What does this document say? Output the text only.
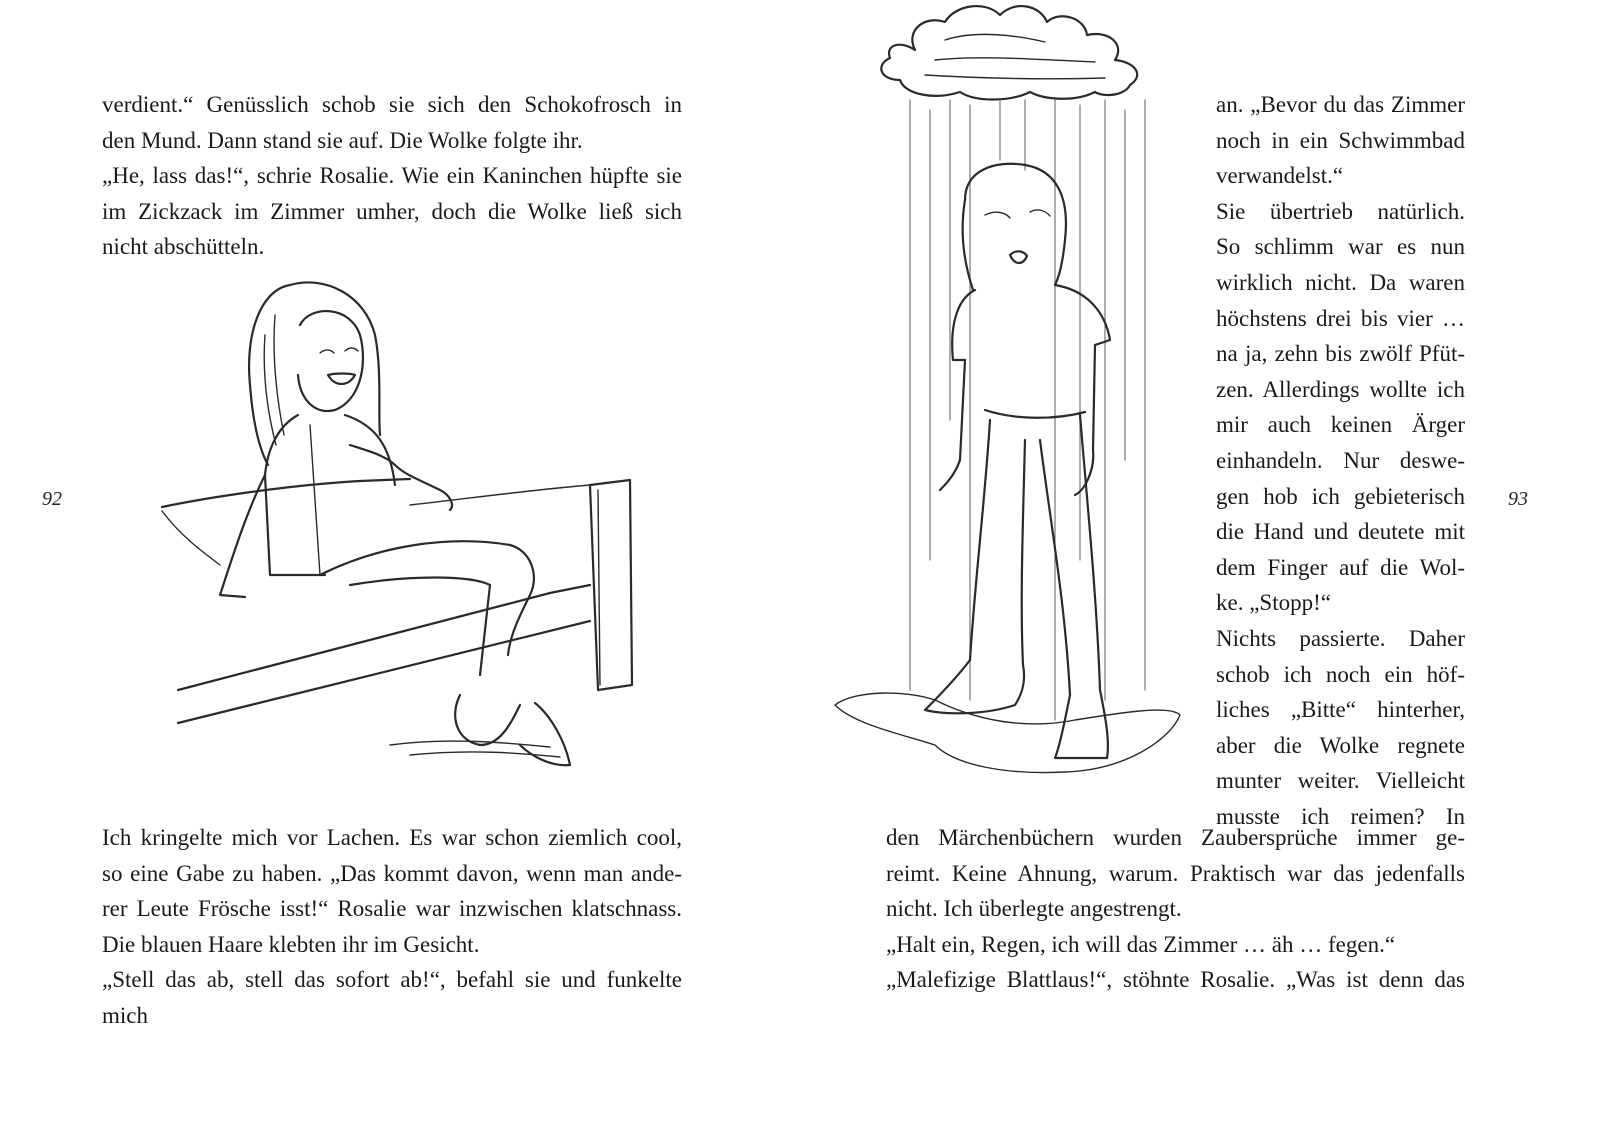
verdient.“ Genüsslich schob sie sich den Schokofrosch in
den Mund. Dann stand sie auf. Die Wolke folgte ihr.
„He, lass das!“, schrie Rosalie. Wie ein Kaninchen hüpfte sie
im Zickzack im Zimmer umher, doch die Wolke ließ sich
nicht abschütteln.

92

Ich kringelte mich vor Lachen. Es war schon ziemlich cool,
so eine Gabe zu haben. „Das kommt davon, wenn man ande-
rer Leute Frösche isst!“ Rosalie war inzwischen klatschnass.
Die blauen Haare klebten ihr im Gesicht.
„Stell das ab, stell das sofort ab!“, befahl sie und funkelte mich

an. „Bevor du das Zimmer
noch in ein Schwimmbad
verwandelst.“
Sie übertrieb natürlich.
So schlimm war es nun
wirklich nicht. Da waren
höchstens drei bis vier …
na ja, zehn bis zwölf Pfüt-
zen. Allerdings wollte ich
mir auch keinen Ärger
einhandeln. Nur deswe-
gen hob ich gebieterisch
die Hand und deutete mit
dem Finger auf die Wol-
ke. „Stopp!“
Nichts passierte. Daher
schob ich noch ein höf-
liches „Bitte“ hinterher,
aber die Wolke regnete
munter weiter. Vielleicht
musste ich reimen? In

93

den Märchenbüchern wurden Zaubersprüche immer ge-
reimt. Keine Ahnung, warum. Praktisch war das jedenfalls
nicht. Ich überlegte angestrengt.
„Halt ein, Regen, ich will das Zimmer … äh … fegen.“
„Malefizige Blattlaus!“, stöhnte Rosalie. „Was ist denn das
